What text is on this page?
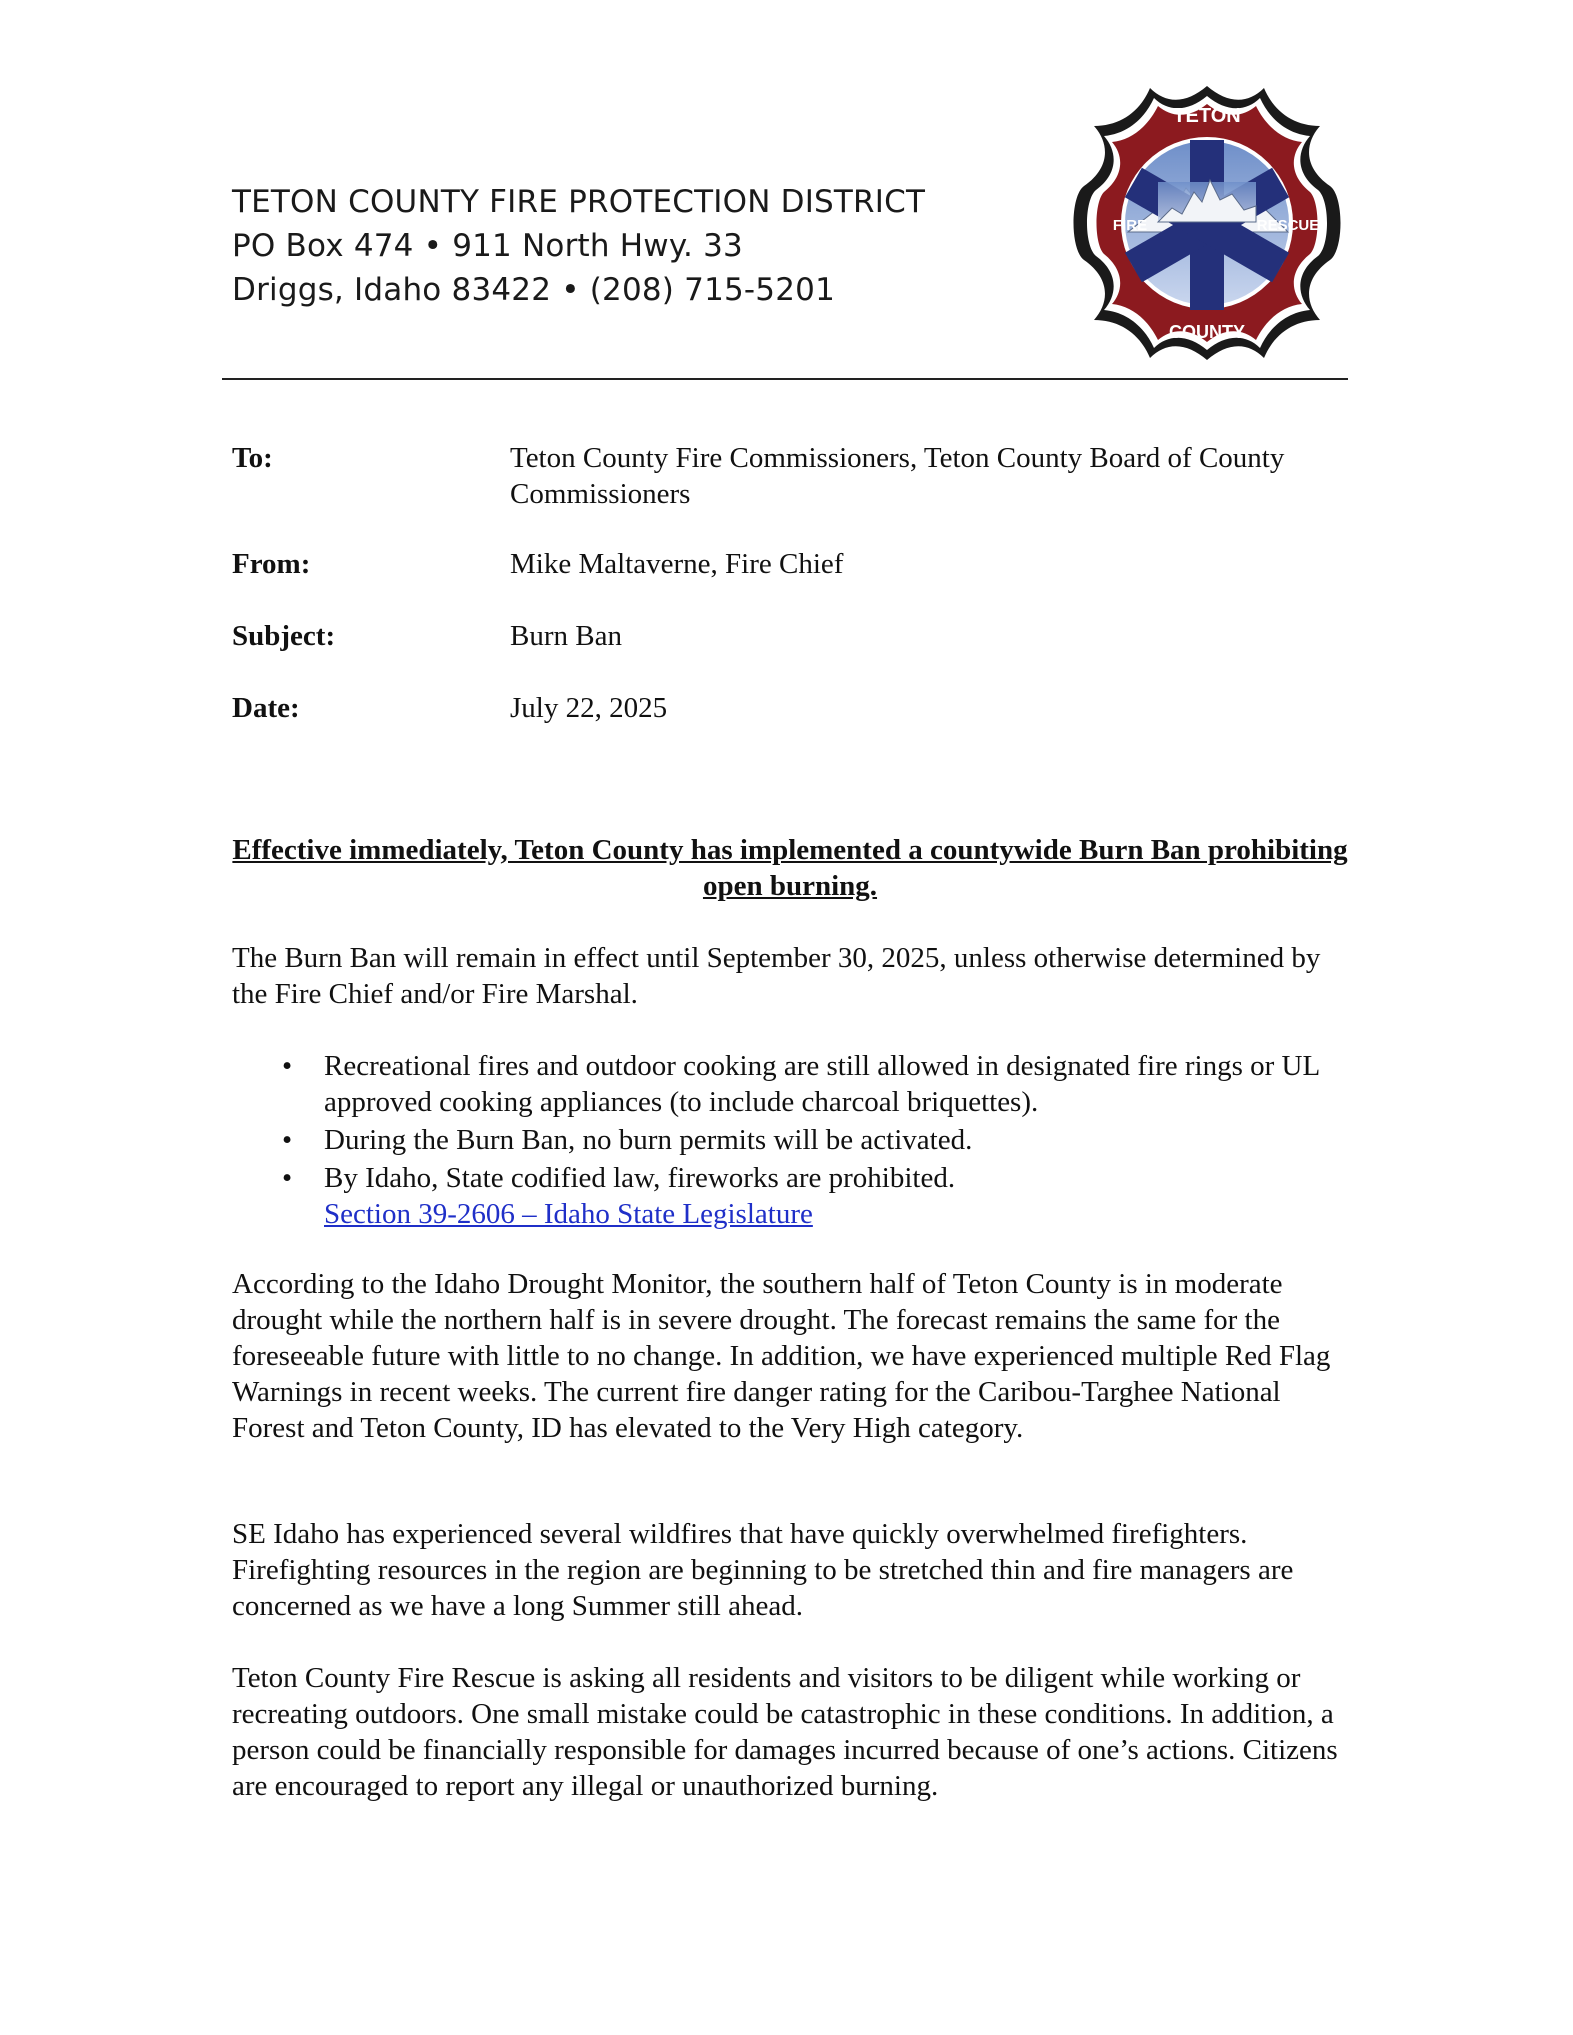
TETON COUNTY FIRE PROTECTION DISTRICT
PO Box 474 • 911 North Hwy. 33
Driggs, Idaho 83422 • (208) 715-5201
TETON
FIRE	RESCUE
COUNTY
To:	Teton County Fire Commissioners, Teton County Board of County Commissioners
From:	Mike Maltaverne, Fire Chief
Subject:	Burn Ban
Date:	July 22, 2025
Effective immediately, Teton County has implemented a countywide Burn Ban prohibiting open burning.
The Burn Ban will remain in effect until September 30, 2025, unless otherwise determined by the Fire Chief and/or Fire Marshal.
• Recreational fires and outdoor cooking are still allowed in designated fire rings or UL approved cooking appliances (to include charcoal briquettes).
• During the Burn Ban, no burn permits will be activated.
• By Idaho, State codified law, fireworks are prohibited.
Section 39-2606 – Idaho State Legislature
According to the Idaho Drought Monitor, the southern half of Teton County is in moderate drought while the northern half is in severe drought. The forecast remains the same for the foreseeable future with little to no change. In addition, we have experienced multiple Red Flag Warnings in recent weeks. The current fire danger rating for the Caribou-Targhee National Forest and Teton County, ID has elevated to the Very High category.
SE Idaho has experienced several wildfires that have quickly overwhelmed firefighters. Firefighting resources in the region are beginning to be stretched thin and fire managers are concerned as we have a long Summer still ahead.
Teton County Fire Rescue is asking all residents and visitors to be diligent while working or recreating outdoors. One small mistake could be catastrophic in these conditions. In addition, a person could be financially responsible for damages incurred because of one’s actions. Citizens are encouraged to report any illegal or unauthorized burning.
